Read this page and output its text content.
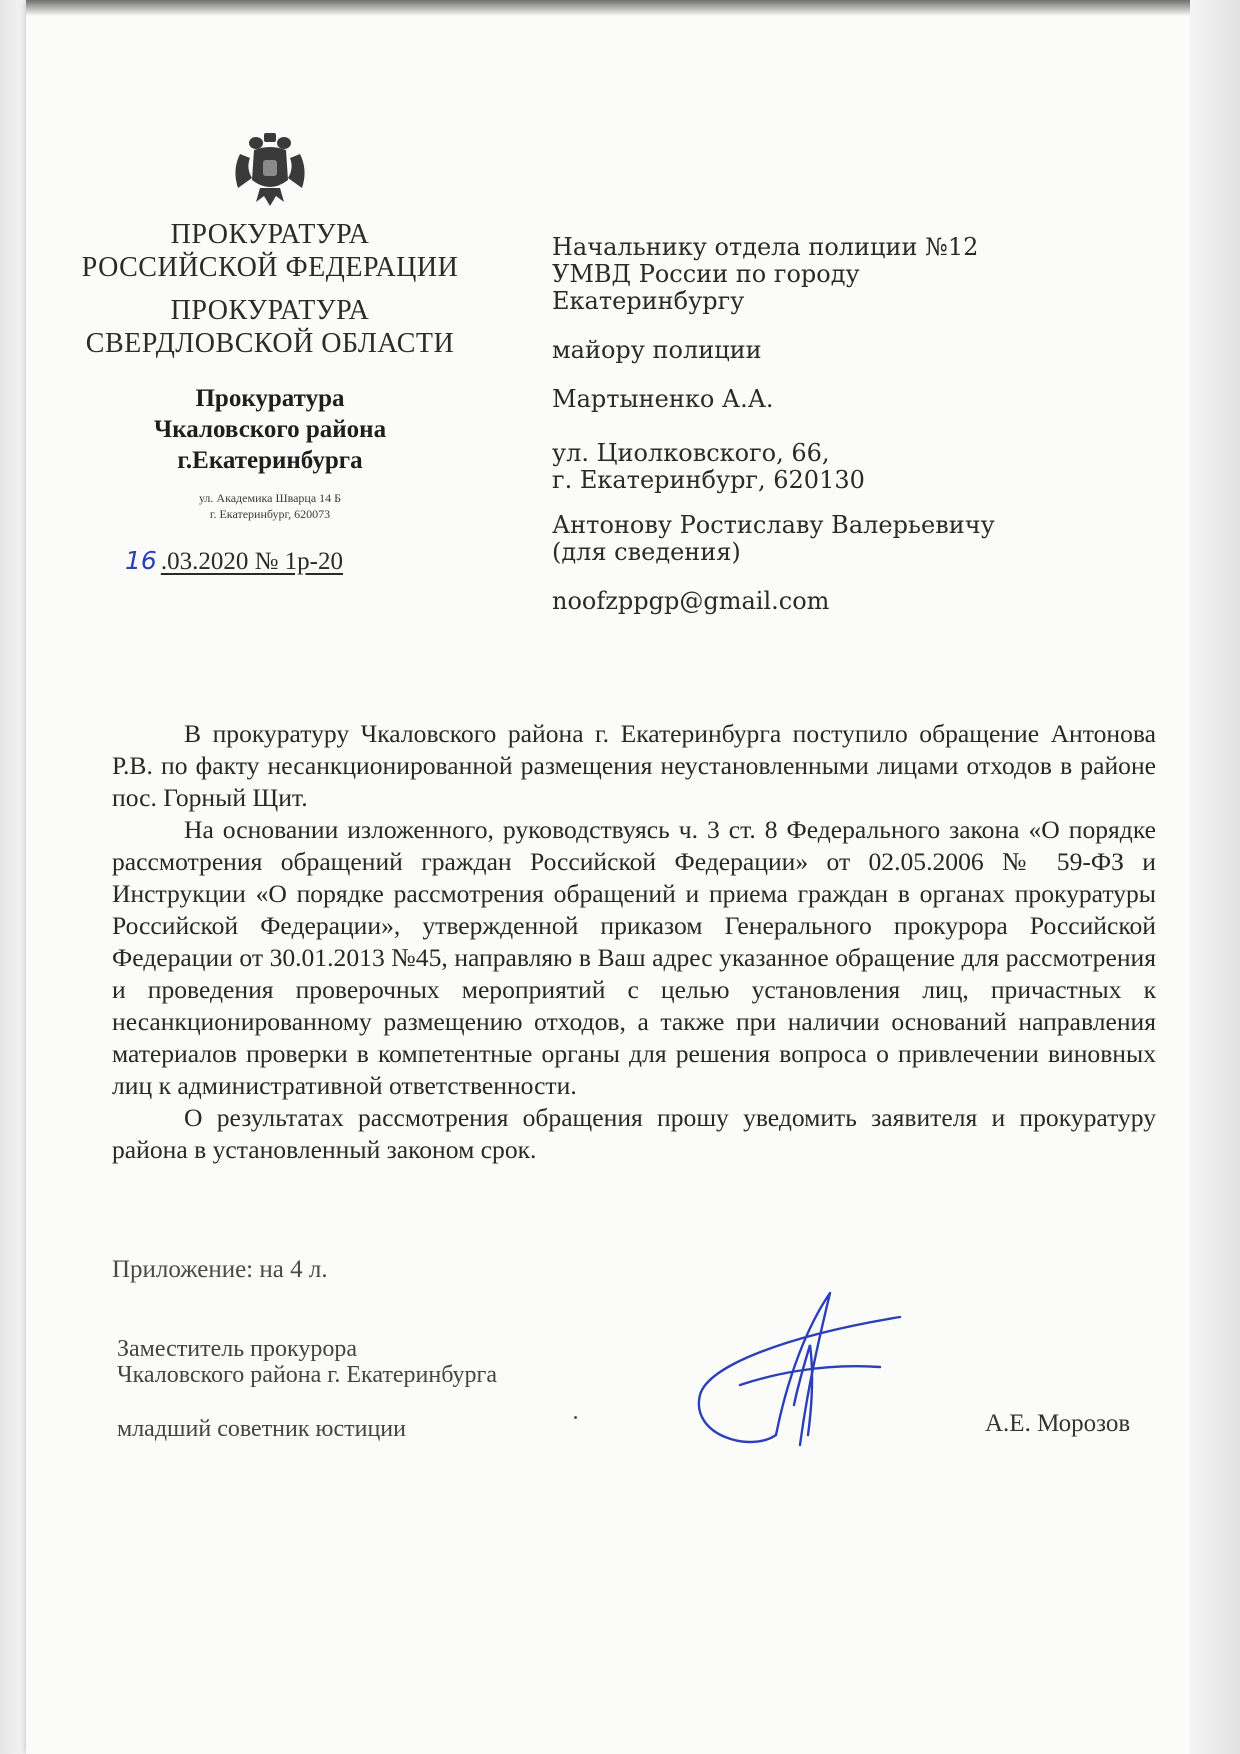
ПРОКУРАТУРА
РОССИЙСКОЙ ФЕДЕРАЦИИ
ПРОКУРАТУРА
СВЕРДЛОВСКОЙ ОБЛАСТИ
Прокуратура
Чкаловского района
г.Екатеринбурга
ул. Академика Шварца 14 Б
г. Екатеринбург, 620073
16 .03.2020 № 1р-20
Начальнику отдела полиции №12
УМВД России по городу
Екатеринбургу
майору полиции
Мартыненко А.А.
ул. Циолковского, 66,
г. Екатеринбург, 620130
Антонову Ростиславу Валерьевичу
(для сведения)
noofzppgp@gmail.com

В прокуратуру Чкаловского района г. Екатеринбурга поступило обращение Антонова Р.В. по факту несанкционированной размещения неустановленными лицами отходов в районе пос. Горный Щит.

На основании изложенного, руководствуясь ч. 3 ст. 8 Федерального закона «О порядке рассмотрения обращений граждан Российской Федерации» от 02.05.2006 № 59-ФЗ и Инструкции «О порядке рассмотрения обращений и приема граждан в органах прокуратуры Российской Федерации», утвержденной приказом Генерального прокурора Российской Федерации от 30.01.2013 №45, направляю в Ваш адрес указанное обращение для рассмотрения и проведения проверочных мероприятий с целью установления лиц, причастных к несанкционированному размещению отходов, а также при наличии оснований направления материалов проверки в компетентные органы для решения вопроса о привлечении виновных лиц к административной ответственности.

О результатах рассмотрения обращения прошу уведомить заявителя и прокуратуру района в установленный законом срок.

Приложение: на 4 л.
Заместитель прокурора
Чкаловского района г. Екатеринбурга
младший советник юстиции	А.Е. Морозов
